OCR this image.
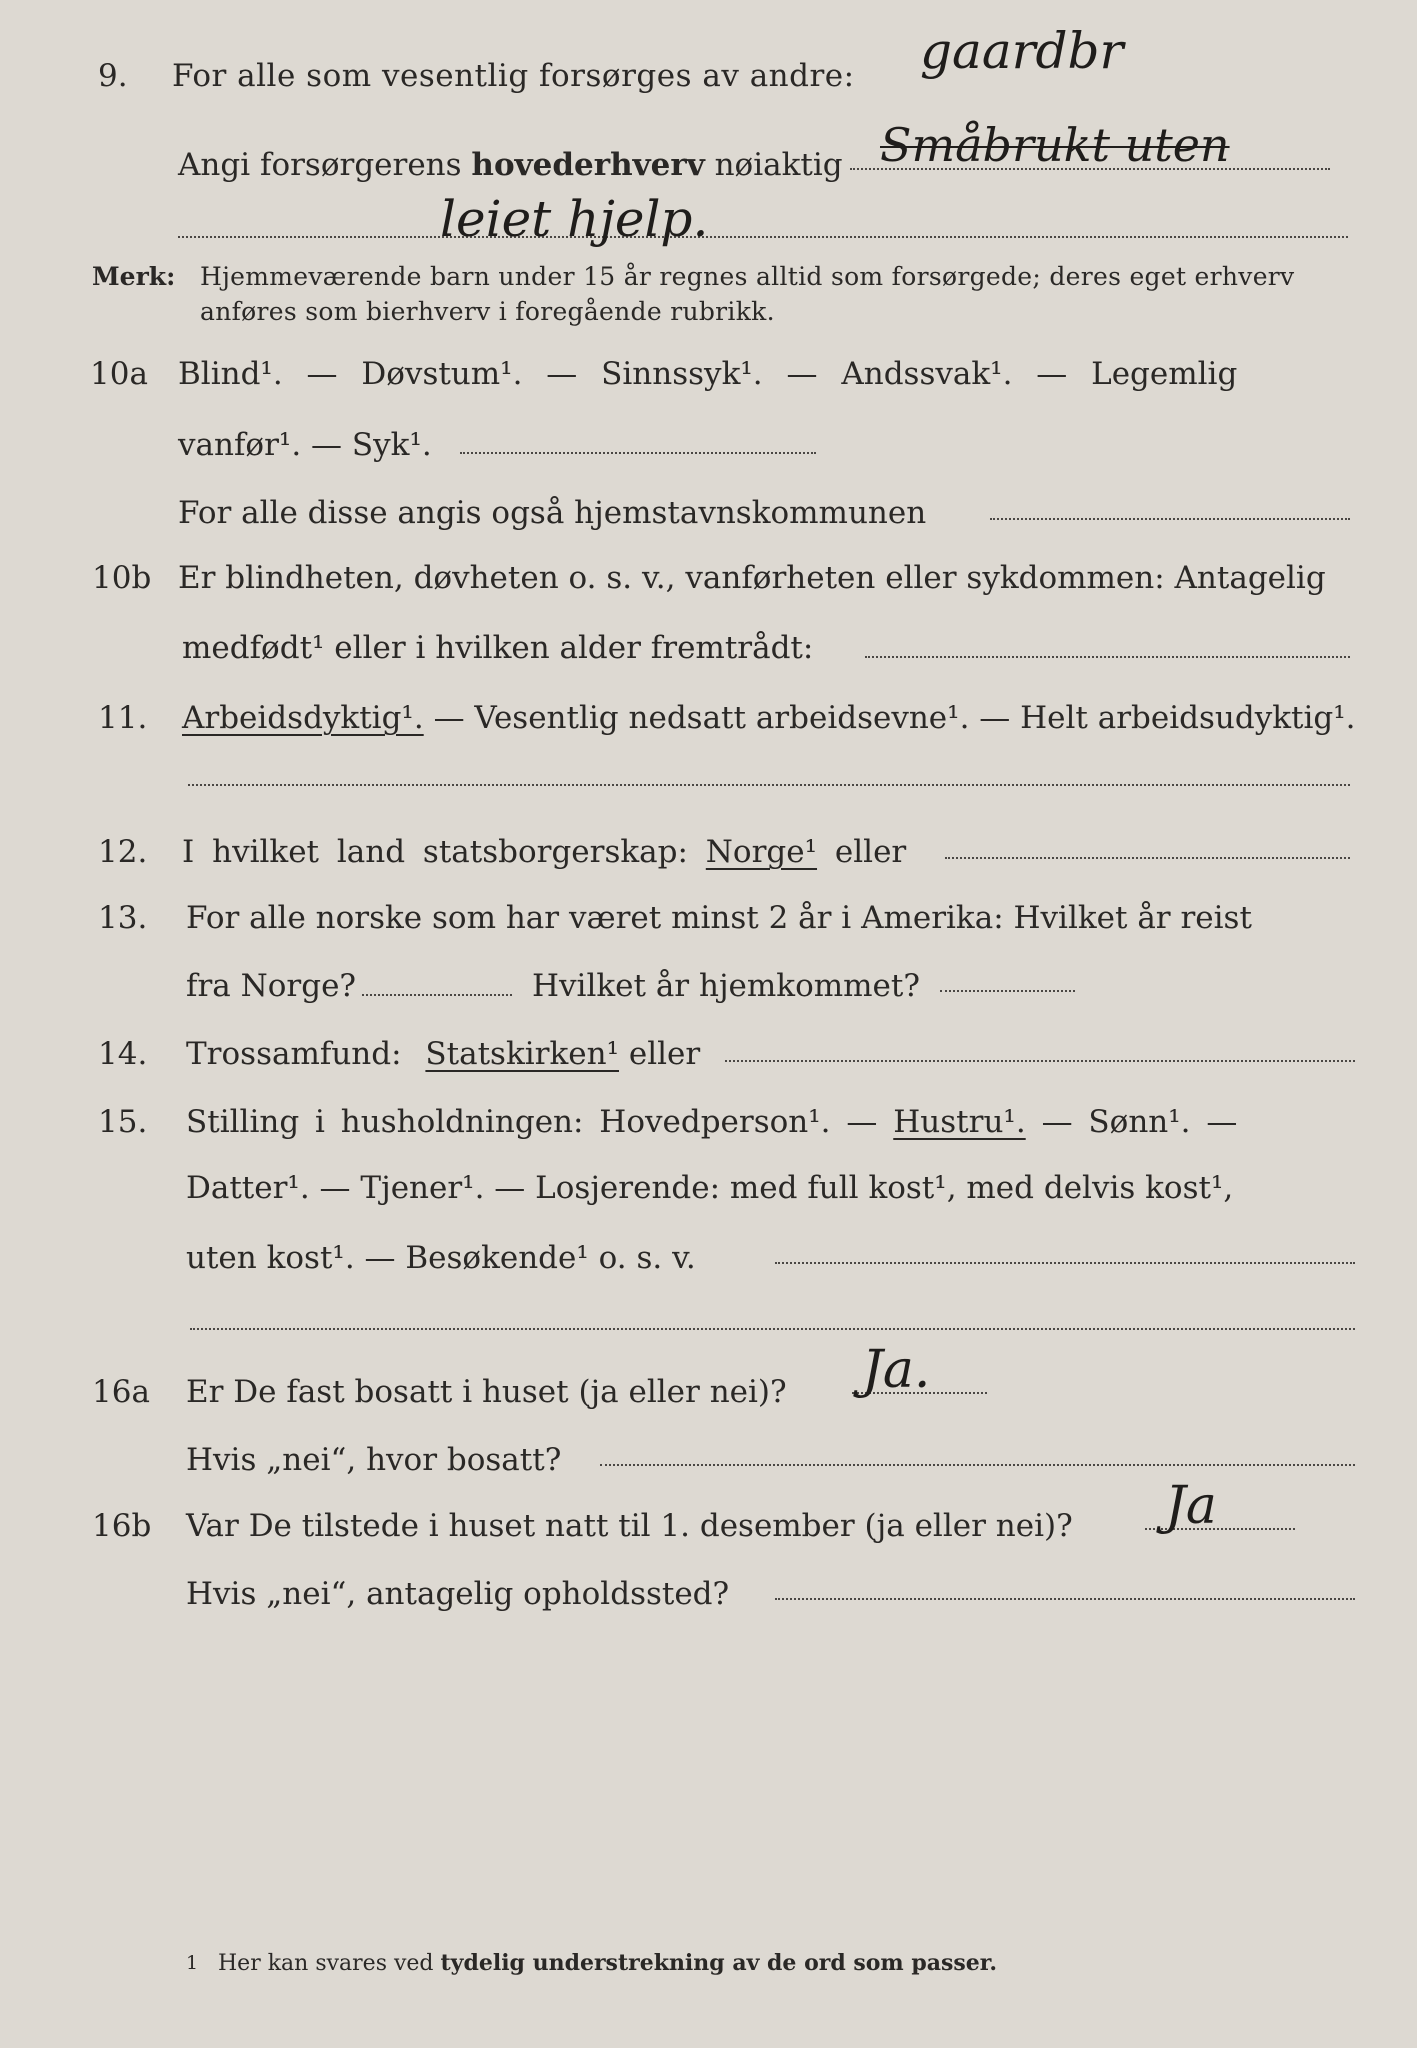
9. For alle som vesentlig forsørges av andre: gaardbr
Angi forsørgerens hovederhverv nøiaktig Småbrukt uten
leiet hjelp.
Merk: Hjemmeværende barn under 15 år regnes alltid som forsørgede; deres eget erhverv
anføres som bierhverv i foregående rubrikk.
10a Blind¹. — Døvstum¹. — Sinnssyk¹. — Andssvak¹. — Legemlig
vanfør¹. — Syk¹.
For alle disse angis også hjemstavnskommunen
10b Er blindheten, døvheten o. s. v., vanførheten eller sykdommen: Antagelig
medfødt¹ eller i hvilken alder fremtrådt:
11. Arbeidsdyktig¹. — Vesentlig nedsatt arbeidsevne¹. — Helt arbeidsudyktig¹.
12. I hvilket land statsborgerskap: Norge¹ eller
13. For alle norske som har været minst 2 år i Amerika: Hvilket år reist
fra Norge?	Hvilket år hjemkommet?
14. Trossamfund: Statskirken¹ eller
15. Stilling i husholdningen: Hovedperson¹. — Hustru¹. — Sønn¹. —
Datter¹. — Tjener¹. — Losjerende: med full kost¹, med delvis kost¹,
uten kost¹. — Besøkende¹ o. s. v.
16a Er De fast bosatt i huset (ja eller nei)? Ja.
Hvis „nei“, hvor bosatt?
16b Var De tilstede i huset natt til 1. desember (ja eller nei)? Ja
Hvis „nei“, antagelig opholdssted?
1 Her kan svares ved tydelig understrekning av de ord som passer.
